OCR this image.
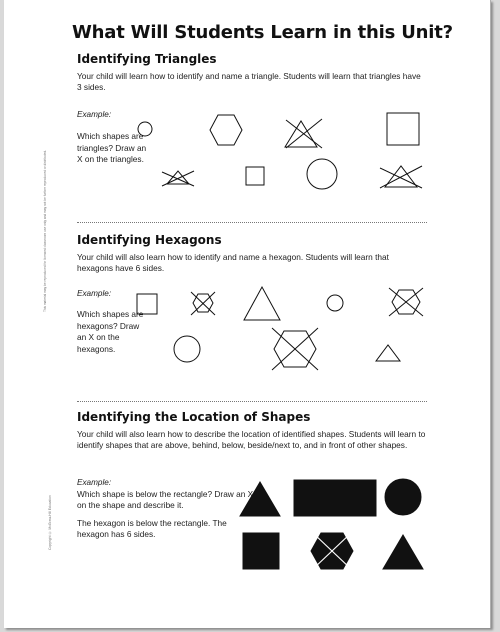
This material may be reproduced for licensed classroom use only and may not be further reproduced or distributed.
Copyright © McGraw-Hill Education
What Will Students Learn in this Unit?
Identifying Triangles
Your child will learn how to identify and name a triangle. Students will learn that triangles have 3 sides.
Example:
Which shapes are triangles? Draw an X on the triangles.
Identifying Hexagons
Your child will also learn how to identify and name a hexagon. Students will learn that hexagons have 6 sides.
Example:
Which shapes are hexagons? Draw an X on the hexagons.
Identifying the Location of Shapes
Your child will also learn how to describe the location of identified shapes. Students will learn to identify shapes that are above, behind, below, beside/next to, and in front of other shapes.
Example:
Which shape is below the rectangle? Draw an X on the shape and describe it.
The hexagon is below the rectangle. The hexagon has 6 sides.
